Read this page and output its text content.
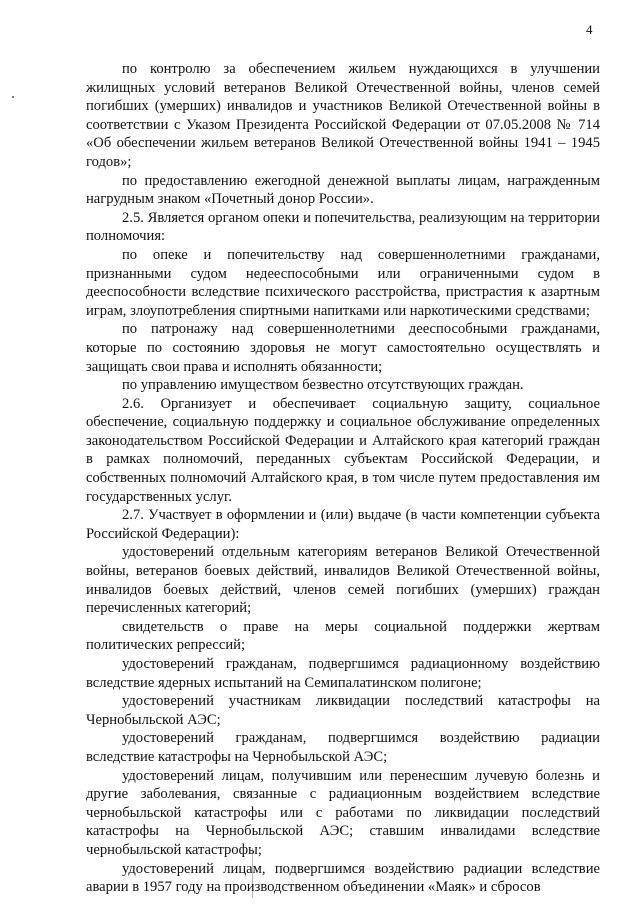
4

по контролю за обеспечением жильем нуждающихся в улучшении жилищных условий ветеранов Великой Отечественной войны, членов семей погибших (умерших) инвалидов и участников Великой Отечественной войны в соответствии с Указом Президента Российской Федерации от 07.05.2008 № 714 «Об обеспечении жильем ветеранов Великой Отечественной войны 1941 – 1945 годов»;

по предоставлению ежегодной денежной выплаты лицам, награжденным нагрудным знаком «Почетный донор России».

2.5. Является органом опеки и попечительства, реализующим на территории полномочия:

по опеке и попечительству над совершеннолетними гражданами, признанными судом недееспособными или ограниченными судом в дееспособности вследствие психического расстройства, пристрастия к азартным играм, злоупотребления спиртными напитками или наркотическими средствами;

по патронажу над совершеннолетними дееспособными гражданами, которые по состоянию здоровья не могут самостоятельно осуществлять и защищать свои права и исполнять обязанности;

по управлению имуществом безвестно отсутствующих граждан.

2.6. Организует и обеспечивает социальную защиту, социальное обеспечение, социальную поддержку и социальное обслуживание определенных законодательством Российской Федерации и Алтайского края категорий граждан в рамках полномочий, переданных субъектам Российской Федерации, и собственных полномочий Алтайского края, в том числе путем предоставления им государственных услуг.

2.7. Участвует в оформлении и (или) выдаче (в части компетенции субъекта Российской Федерации):

удостоверений отдельным категориям ветеранов Великой Отечественной войны, ветеранов боевых действий, инвалидов Великой Отечественной войны, инвалидов боевых действий, членов семей погибших (умерших) граждан перечисленных категорий;

свидетельств о праве на меры социальной поддержки жертвам политических репрессий;

удостоверений гражданам, подвергшимся радиационному воздействию вследствие ядерных испытаний на Семипалатинском полигоне;

удостоверений участникам ликвидации последствий катастрофы на Чернобыльской АЭС;

удостоверений гражданам, подвергшимся воздействию радиации вследствие катастрофы на Чернобыльской АЭС;

удостоверений лицам, получившим или перенесшим лучевую болезнь и другие заболевания, связанные с радиационным воздействием вследствие чернобыльской катастрофы или с работами по ликвидации последствий катастрофы на Чернобыльской АЭС; ставшим инвалидами вследствие чернобыльской катастрофы;

удостоверений лицам, подвергшимся воздействию радиации вследствие аварии в 1957 году на производственном объединении «Маяк» и сбросов
